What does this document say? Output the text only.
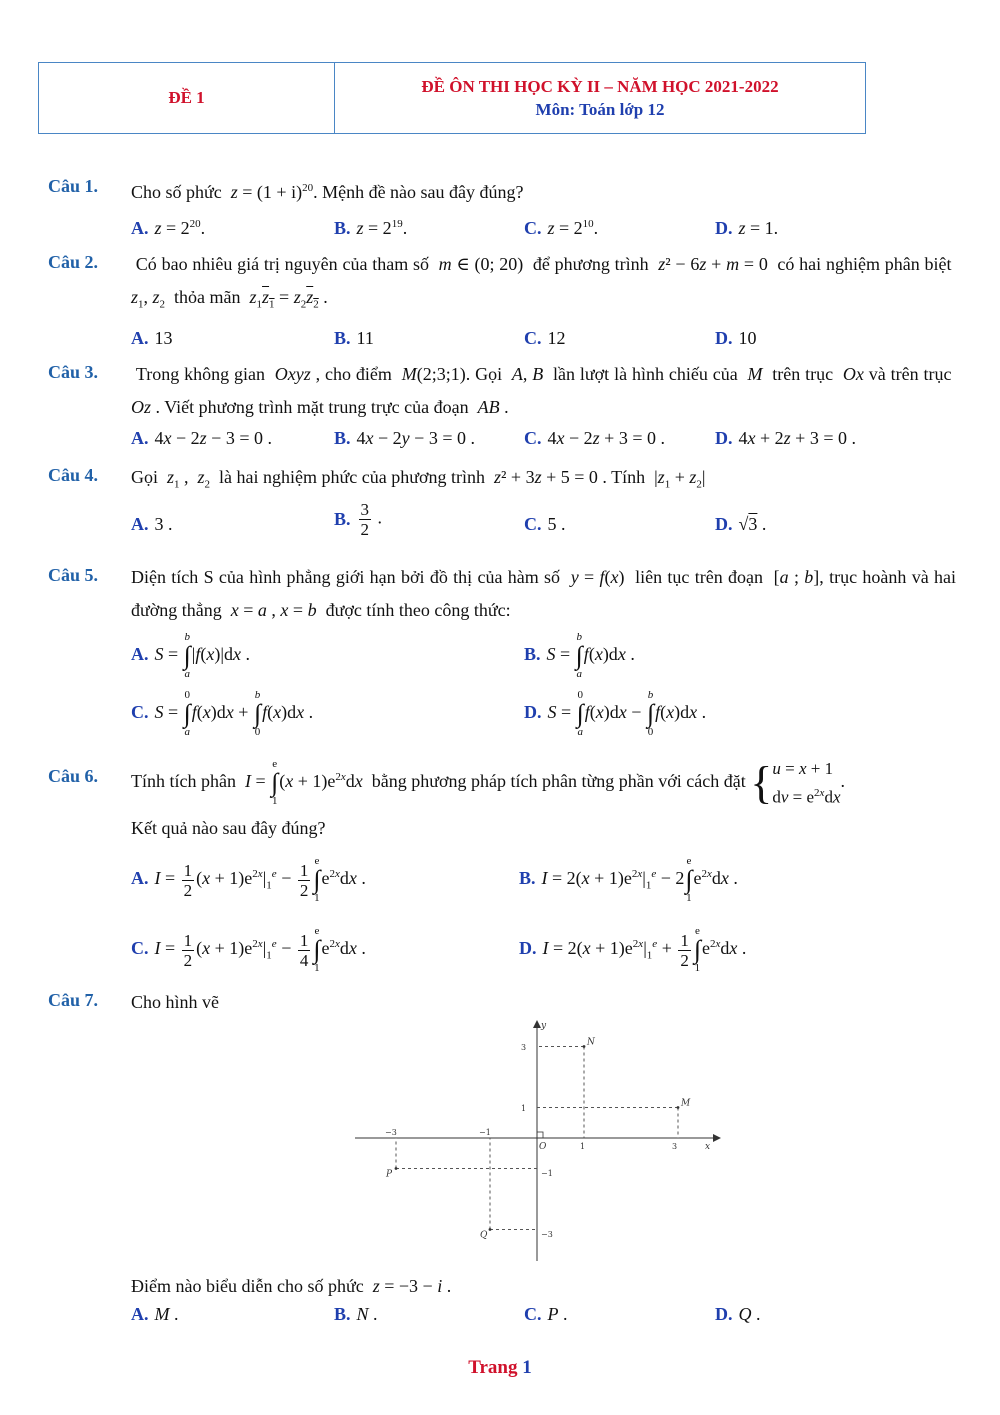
ĐỀ 1
ĐỀ ÔN THI HỌC KỲ II – NĂM HỌC 2021-2022
Môn: Toán lớp 12
Câu 1. Cho số phức  $z = (1 + i)^{20}$. Mệnh đề nào sau đây đúng?
A. $z = 2^{20}$.	B. $z = 2^{19}$.	C. $z = 2^{10}$.	D. z = 1.
Câu 2. Có bao nhiêu giá trị nguyên của tham số  m ∈ (0; 20)  để phương trình  z² − 6z + m = 0  có hai nghiệm phân biệt  $z_1$, $z_2$  thỏa mãn  $z_1z_1 = z_2z_2$ .
A. 13	B. 11	C. 12	D. 10
Câu 3. Trong không gian  Oxyz , cho điểm  M(2;3;1). Gọi  A, B  lần lượt là hình chiếu của  M  trên trục  Ox và trên trục  Oz . Viết phương trình mặt trung trực của đoạn  AB .
A. 4x − 2z − 3 = 0 .	B. 4x − 2y − 3 = 0 .	C. 4x − 2z + 3 = 0 .	D. 4x + 2z + 3 = 0 .
Câu 4. Gọi  $z_1$ ,  $z_2$  là hai nghiệm phức của phương trình  z² + 3z + 5 = 0 . Tính  $|z_1 + z_2|$
A. 3 .	B. $\frac{3}{2}$ .	C. 5 .	D. √3 .
Câu 5. Diện tích S của hình phẳng giới hạn bởi đồ thị của hàm số  y = f(x)  liên tục trên đoạn  [a ; b], trục hoành và hai đường thẳng  x = a , x = b  được tính theo công thức:
A. S =
b
∫
a
|f(x)|dx .	B. S =
b
∫
a
f(x)dx .
C. S =
0
∫
a
f(x)dx +
b
∫
0
f(x)dx .	D. S =
0
∫
a
f(x)dx −
b
∫
0
f(x)dx .
Câu 6. Tính tích phân  I =
e
∫
1
$(x + 1)e^{2x}dx$  bằng phương pháp tích phân từng phần với cách đặt { u = x + 1
dv = $e^{2x}dx$
.
Kết quả nào sau đây đúng?
A. $I = \frac{1}{2} (x + 1)e^{2x}|_1^e - \frac{1}{2}$ e
∫
1
$e^{2x}dx$ .	B. $I = 2(x + 1)e^{2x}|_1^e - 2$
e
∫
1
$e^{2x}dx$ .
C. $I = \frac{1}{2} (x + 1)e^{2x}|_1^e - \frac{1}{4}$ e
∫
1
$e^{2x}dx$ .	D. $I = 2(x + 1)e^{2x}|_1^e + \frac{1}{2}$ e
∫
1
$e^{2x}dx$ .
Câu 7. Cho hình vẽ
M
N
P
Q
x
y
O
−3	−1
1	3
3
1
−1
−3
Điểm nào biểu diễn cho số phức  z = −3 − i .
A. M .	B. N .	C. P .	D. Q .
Trang 1
